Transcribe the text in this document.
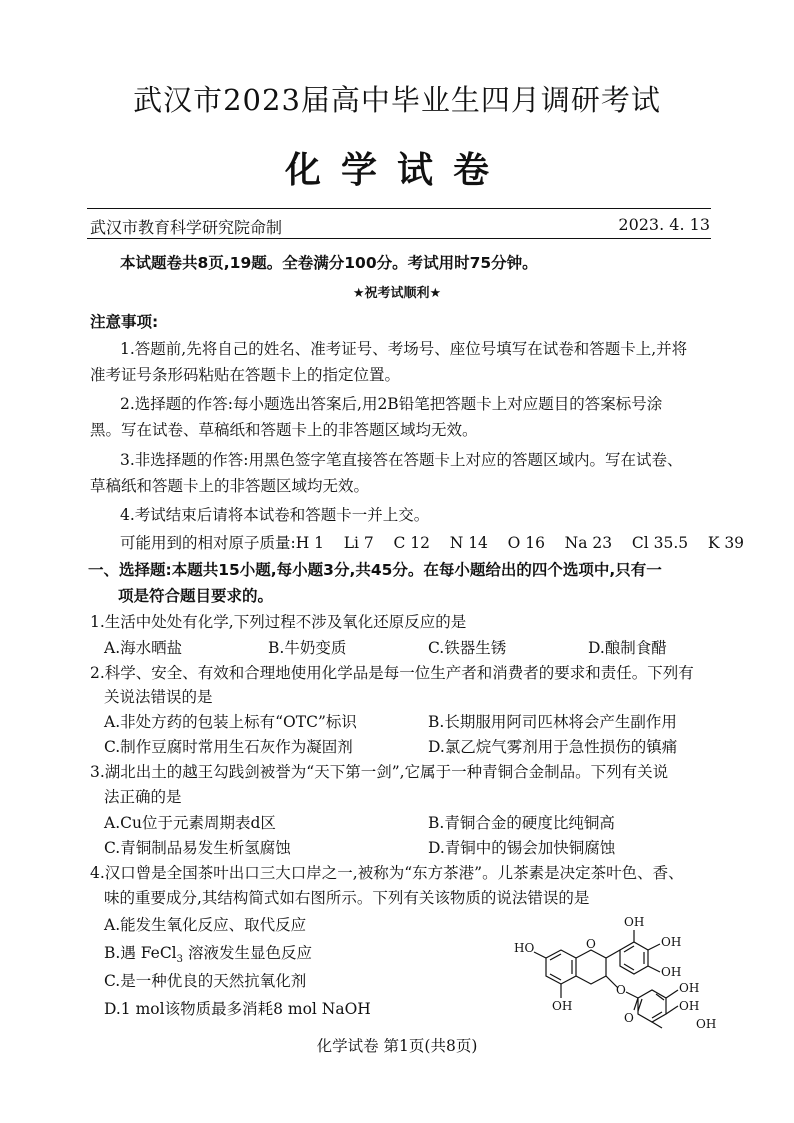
武汉市2023届高中毕业生四月调研考试
化学试卷
武汉市教育科学研究院命制	2023. 4. 13
本试题卷共8页,19题。全卷满分100分。考试用时75分钟。
★祝考试顺利★
注意事项:
1.答题前,先将自己的姓名、准考证号、考场号、座位号填写在试卷和答题卡上,并将
准考证号条形码粘贴在答题卡上的指定位置。
2.选择题的作答:每小题选出答案后,用2B铅笔把答题卡上对应题目的答案标号涂
黑。写在试卷、草稿纸和答题卡上的非答题区域均无效。
3.非选择题的作答:用黑色签字笔直接答在答题卡上对应的答题区域内。写在试卷、
草稿纸和答题卡上的非答题区域均无效。
4.考试结束后请将本试卷和答题卡一并上交。
可能用到的相对原子质量:H 1    Li 7    C 12    N 14    O 16    Na 23    Cl 35.5    K 39
一、选择题:本题共15小题,每小题3分,共45分。在每小题给出的四个选项中,只有一
项是符合题目要求的。
1.生活中处处有化学,下列过程不涉及氧化还原反应的是
A.海水晒盐	B.牛奶变质	C.铁器生锈	D.酿制食醋
2.科学、安全、有效和合理地使用化学品是每一位生产者和消费者的要求和责任。下列有
关说法错误的是
A.非处方药的包装上标有“OTC”标识	B.长期服用阿司匹林将会产生副作用
C.制作豆腐时常用生石灰作为凝固剂	D.氯乙烷气雾剂用于急性损伤的镇痛
3.湖北出土的越王勾践剑被誉为“天下第一剑”,它属于一种青铜合金制品。下列有关说
法正确的是
A.Cu位于元素周期表d区	B.青铜合金的硬度比纯铜高
C.青铜制品易发生析氢腐蚀	D.青铜中的锡会加快铜腐蚀
4.汉口曾是全国茶叶出口三大口岸之一,被称为“东方茶港”。儿茶素是决定茶叶色、香、
味的重要成分,其结构简式如右图所示。下列有关该物质的说法错误的是
A.能发生氧化反应、取代反应
B.遇 FeCl$_3$ 溶液发生显色反应
C.是一种优良的天然抗氧化剂
D.1 mol该物质最多消耗8 mol NaOH
HO
OH
O
OH
OH
OH
O
O
OH
OH
OH
化学试卷 第1页(共8页)
